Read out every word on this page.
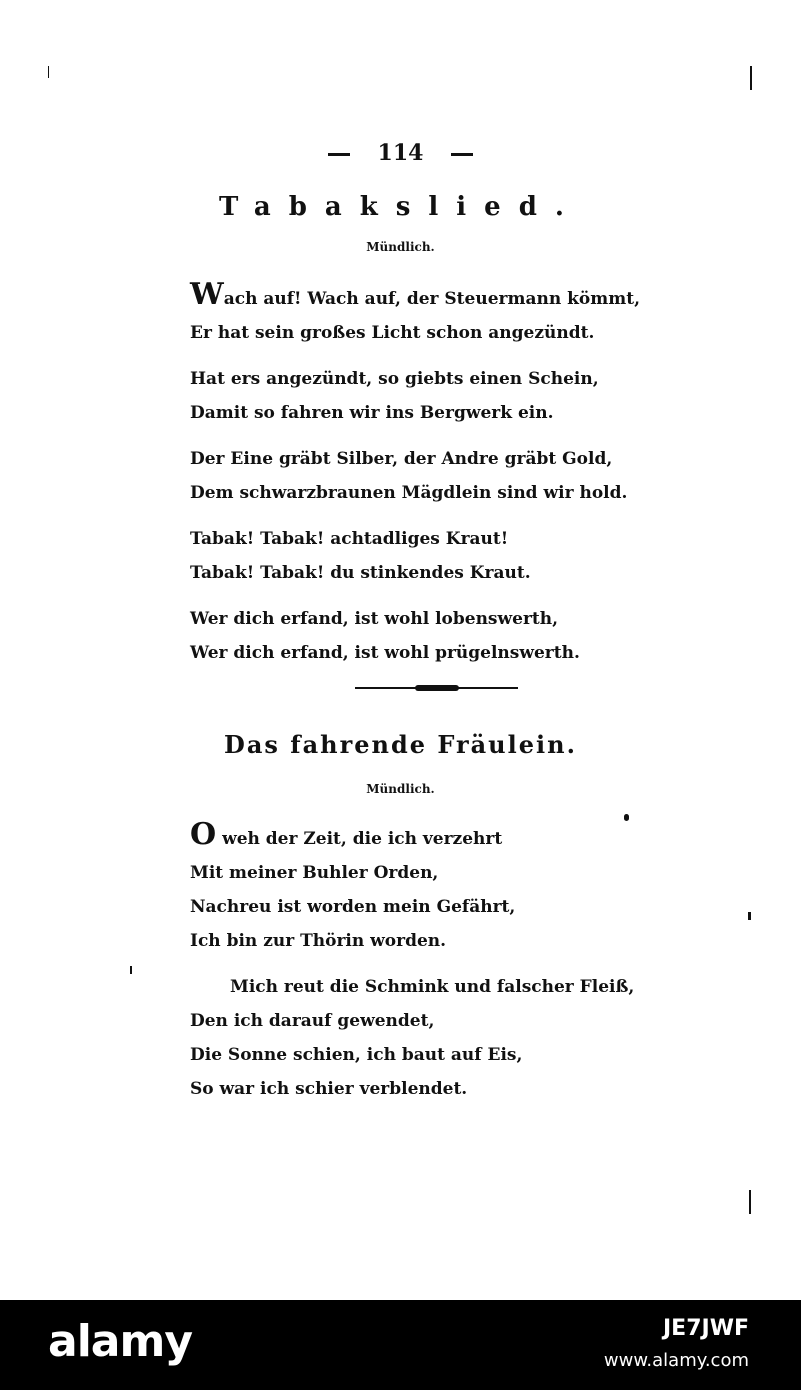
114
Tabakslied.
Mündlich.
Wach auf! Wach auf, der Steuermann kömmt,
Er hat sein großes Licht schon angezündt.
Hat ers angezündt, so giebts einen Schein,
Damit so fahren wir ins Bergwerk ein.
Der Eine gräbt Silber, der Andre gräbt Gold,
Dem schwarzbraunen Mägdlein sind wir hold.
Tabak! Tabak! achtadliges Kraut!
Tabak! Tabak! du stinkendes Kraut.
Wer dich erfand, ist wohl lobenswerth,
Wer dich erfand, ist wohl prügelnswerth.
Das fahrende Fräulein.
Mündlich.
O weh der Zeit, die ich verzehrt
Mit meiner Buhler Orden,
Nachreu ist worden mein Gefährt,
Ich bin zur Thörin worden.
Mich reut die Schmink und falscher Fleiß,
Den ich darauf gewendet,
Die Sonne schien, ich baut auf Eis,
So war ich schier verblendet.
alamy	JE7JWF
www.alamy.com
